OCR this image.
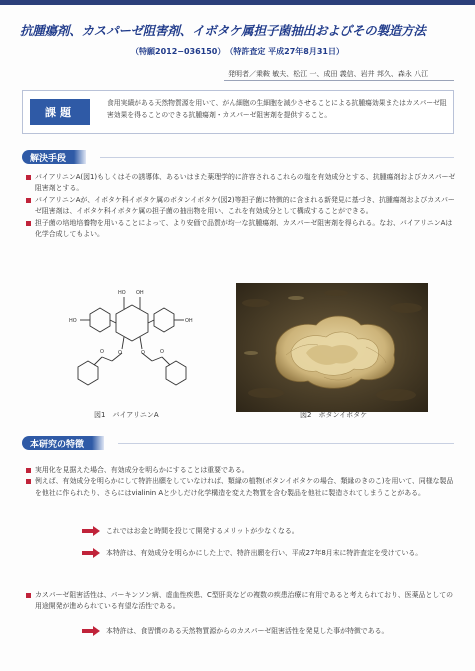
抗腫瘍剤、カスパーゼ阻害剤、イボタケ属担子菌抽出およびその製造方法
（特願2012−036150）　（特許査定 平成27年8月31日）
発明者／乗鞍 敏夫、松江 一、成田 義信、岩井 邦久、森永 八江
課題
食用実績がある天然物質源を用いて、がん細胞の生細胞を減少させることによる抗腫瘍効果またはカスパーゼ阻害効果を得ることのできる抗腫瘍剤・カスパーゼ阻害剤を提供すること。
解決手段
バイアリニンA(図1)もしくはその誘導体、あるいはまた薬理学的に許容されるこれらの塩を有効成分とする、抗腫瘍剤およびカスパーゼ阻害剤とする。
バイアリニンAが、イボタケ科イボタケ属のボタンイボタケ(図2)等担子菌に特徴的に含まれる新発見に基づき、抗腫瘍剤およびカスパーゼ阻害剤は、イボタケ科イボタケ属の担子菌の抽出物を用い、これを有効成分として構成することができる。
担子菌の培地培養物を用いることによって、より安価で品質が均一な抗腫瘍剤、カスパーゼ阻害剤を得られる。なお、バイアリニンAは化学合成してもよい。
HO OH
HO	OH
O	O
O	O
図1　バイアリニンA	図2　ボタンイボタケ
本研究の特徴
実用化を見据えた場合、有効成分を明らかにすることは重要である。
例えば、有効成分を明らかにして特許出願をしていなければ、類縁の植物(ボタンイボタケの場合、類縁のきのこ)を用いて、同様な製品を他社に作られたり、さらにはvialinin Aと少しだけ化学構造を変えた物質を含む製品を他社に製造されてしまうことがある。
これではお金と時間を投じて開発するメリットが少なくなる。
本特許は、有効成分を明らかにした上で、特許出願を行い、平成27年8月末に特許査定を受けている。
カスパーゼ阻害活性は、パーキンソン病、虚血性疾患、C型肝炎などの複数の疾患治療に有用であると考えられており、医薬品としての用途開発が進められている有望な活性である。
本特許は、食習慣のある天然物質源からのカスパーゼ阻害活性を発見した事が特徴である。
